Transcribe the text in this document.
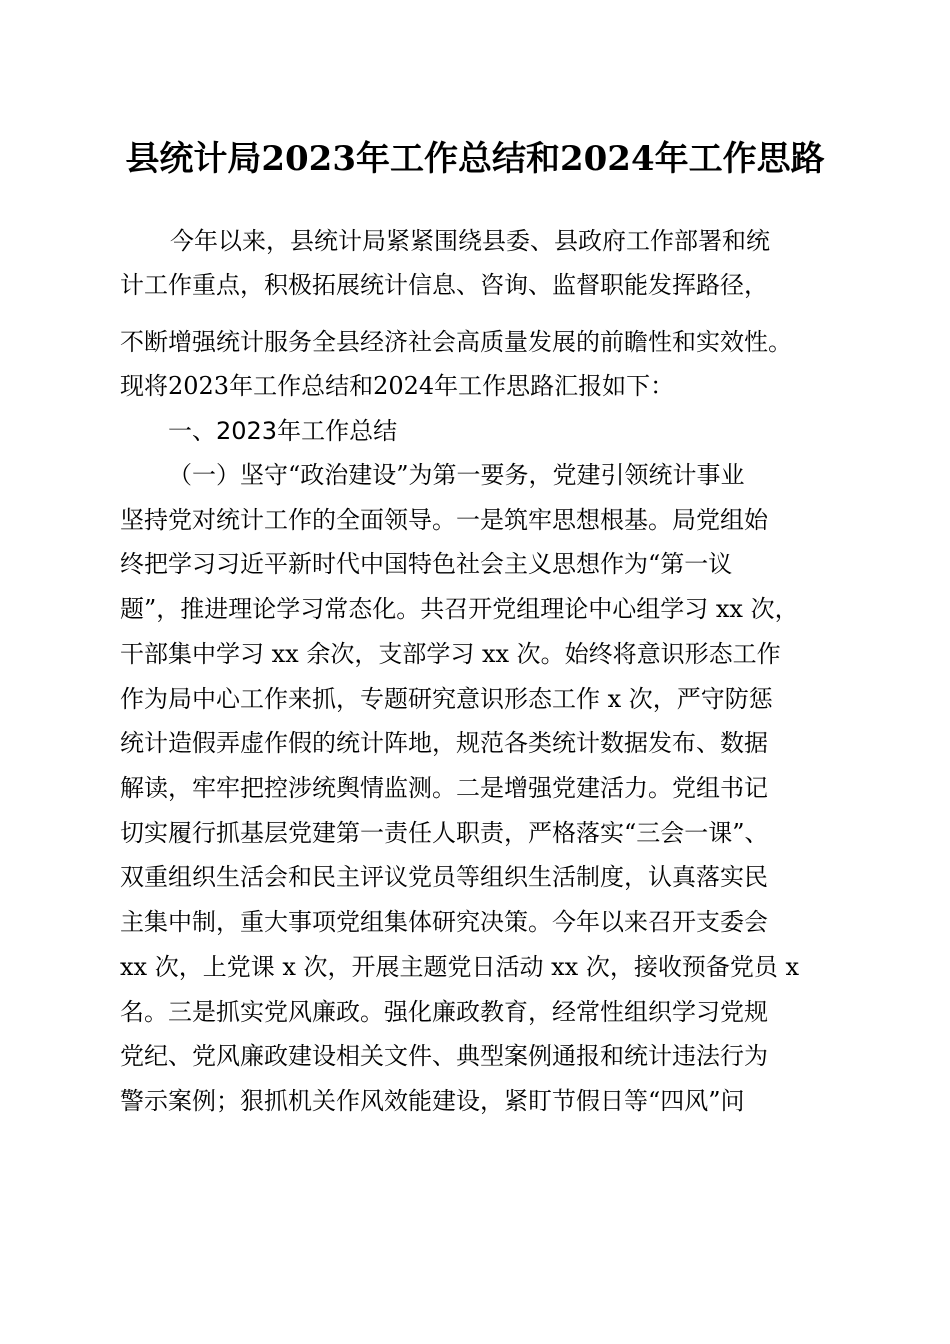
县统计局2023年工作总结和2024年工作思路
今年以来，县统计局紧紧围绕县委、县政府工作部署和统
计工作重点，积极拓展统计信息、咨询、监督职能发挥路径，
不断增强统计服务全县经济社会高质量发展的前瞻性和实效性。
现将2023年工作总结和2024年工作思路汇报如下：
一、2023年工作总结
（一）坚守“政治建设”为第一要务，党建引领统计事业
坚持党对统计工作的全面领导。一是筑牢思想根基。局党组始
终把学习习近平新时代中国特色社会主义思想作为“第一议
题”，推进理论学习常态化。共召开党组理论中心组学习 xx 次，
干部集中学习 xx 余次，支部学习 xx 次。始终将意识形态工作
作为局中心工作来抓，专题研究意识形态工作 x 次，严守防惩
统计造假弄虚作假的统计阵地，规范各类统计数据发布、数据
解读，牢牢把控涉统舆情监测。二是增强党建活力。党组书记
切实履行抓基层党建第一责任人职责，严格落实“三会一课”、
双重组织生活会和民主评议党员等组织生活制度，认真落实民
主集中制，重大事项党组集体研究决策。今年以来召开支委会
xx 次，上党课 x 次，开展主题党日活动 xx 次，接收预备党员 x
名。三是抓实党风廉政。强化廉政教育，经常性组织学习党规
党纪、党风廉政建设相关文件、典型案例通报和统计违法行为
警示案例；狠抓机关作风效能建设，紧盯节假日等“四风”问
